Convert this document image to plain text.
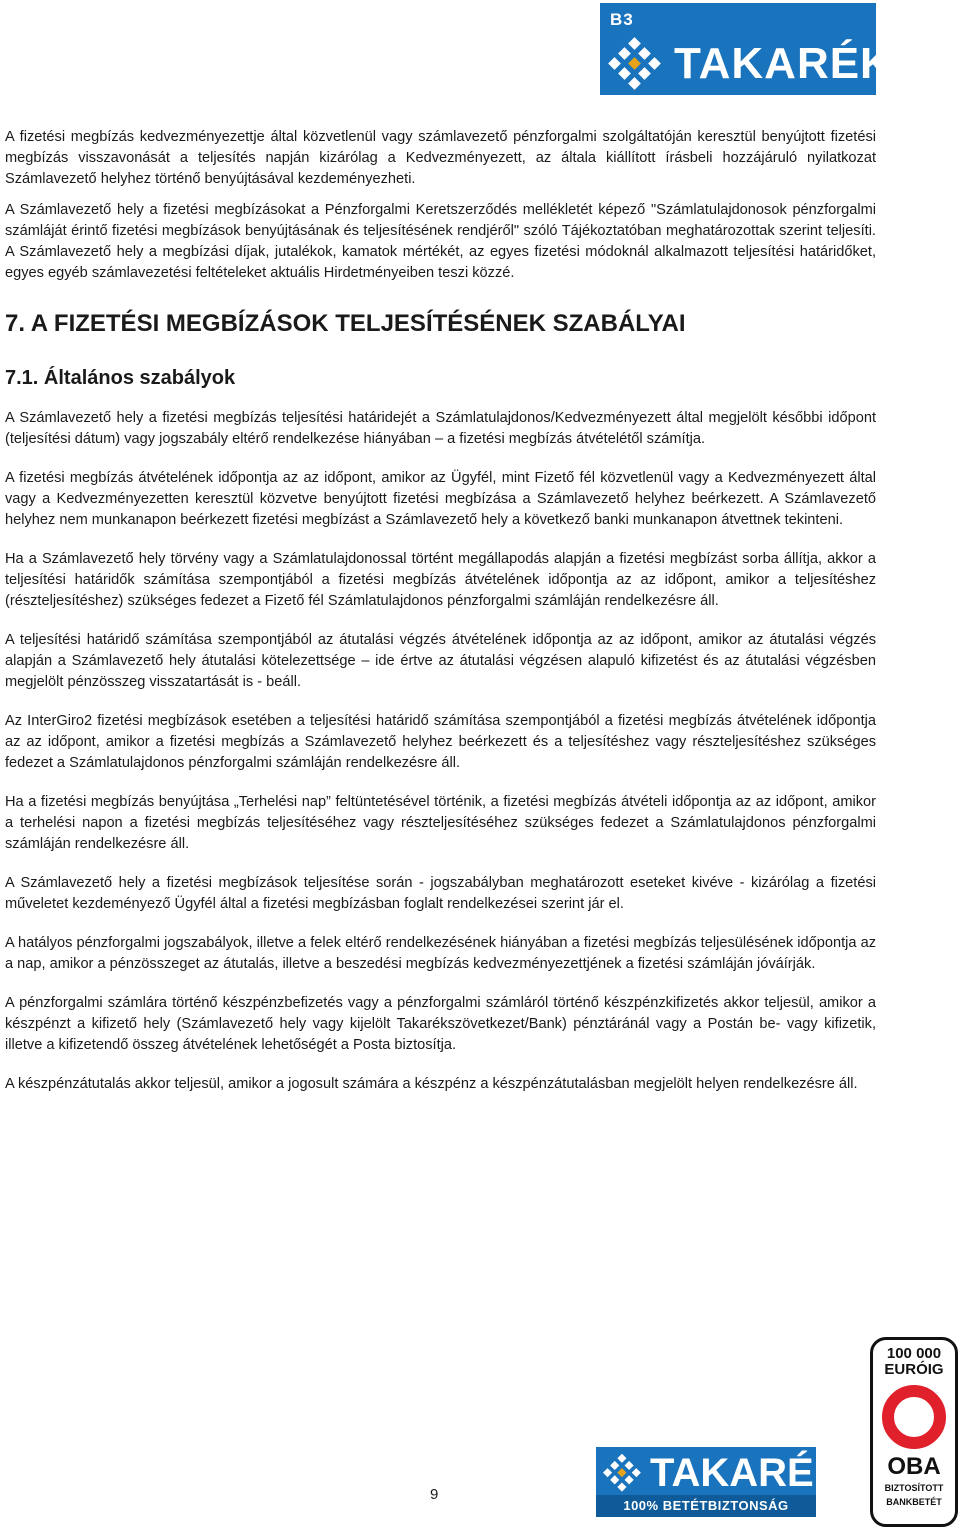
B3
TAKARÉK

A fizetési megbízás kedvezményezettje által közvetlenül vagy számlavezető pénzforgalmi szolgáltatóján keresztül benyújtott fizetési megbízás visszavonását a teljesítés napján kizárólag a Kedvezményezett, az általa kiállított írásbeli hozzájáruló nyilatkozat Számlavezető helyhez történő benyújtásával kezdeményezheti.

A Számlavezető hely a fizetési megbízásokat a Pénzforgalmi Keretszerződés mellékletét képező "Számlatulajdonosok pénzforgalmi számláját érintő fizetési megbízások benyújtásának és teljesítésének rendjéről" szóló Tájékoztatóban meghatározottak szerint teljesíti. A Számlavezető hely a megbízási díjak, jutalékok, kamatok mértékét, az egyes fizetési módoknál alkalmazott teljesítési határidőket, egyes egyéb számlavezetési feltételeket aktuális Hirdetményeiben teszi közzé.

7. A FIZETÉSI MEGBÍZÁSOK TELJESÍTÉSÉNEK SZABÁLYAI
7.1. Általános szabályok

A Számlavezető hely a fizetési megbízás teljesítési határidejét a Számlatulajdonos/Kedvezményezett által megjelölt későbbi időpont (teljesítési dátum) vagy jogszabály eltérő rendelkezése hiányában – a fizetési megbízás átvételétől számítja.

A fizetési megbízás átvételének időpontja az az időpont, amikor az Ügyfél, mint Fizető fél közvetlenül vagy a Kedvezményezett által vagy a Kedvezményezetten keresztül közvetve benyújtott fizetési megbízása a Számlavezető helyhez beérkezett. A Számlavezető helyhez nem munkanapon beérkezett fizetési megbízást a Számlavezető hely a következő banki munkanapon átvettnek tekinteni.

Ha a Számlavezető hely törvény vagy a Számlatulajdonossal történt megállapodás alapján a fizetési megbízást sorba állítja, akkor a teljesítési határidők számítása szempontjából a fizetési megbízás átvételének időpontja az az időpont, amikor a teljesítéshez (részteljesítéshez) szükséges fedezet a Fizető fél Számlatulajdonos pénzforgalmi számláján rendelkezésre áll.

A teljesítési határidő számítása szempontjából az átutalási végzés átvételének időpontja az az időpont, amikor az átutalási végzés alapján a Számlavezető hely átutalási kötelezettsége – ide értve az átutalási végzésen alapuló kifizetést és az átutalási végzésben megjelölt pénzösszeg visszatartását is - beáll.

Az InterGiro2 fizetési megbízások esetében a teljesítési határidő számítása szempontjából a fizetési megbízás átvételének időpontja az az időpont, amikor a fizetési megbízás a Számlavezető helyhez beérkezett és a teljesítéshez vagy részteljesítéshez szükséges fedezet a Számlatulajdonos pénzforgalmi számláján rendelkezésre áll.

Ha a fizetési megbízás benyújtása „Terhelési nap” feltüntetésével történik, a fizetési megbízás átvételi időpontja az az időpont, amikor a terhelési napon a fizetési megbízás teljesítéséhez vagy részteljesítéséhez szükséges fedezet a Számlatulajdonos pénzforgalmi számláján rendelkezésre áll.

A Számlavezető hely a fizetési megbízások teljesítése során - jogszabályban meghatározott eseteket kivéve - kizárólag a fizetési műveletet kezdeményező Ügyfél által a fizetési megbízásban foglalt rendelkezései szerint jár el.

A hatályos pénzforgalmi jogszabályok, illetve a felek eltérő rendelkezésének hiányában a fizetési megbízás teljesülésének időpontja az a nap, amikor a pénzösszeget az átutalás, illetve a beszedési megbízás kedvezményezettjének a fizetési számláján jóváírják.

A pénzforgalmi számlára történő készpénzbefizetés vagy a pénzforgalmi számláról történő készpénzkifizetés akkor teljesül, amikor a készpénzt a kifizető hely (Számlavezető hely vagy kijelölt Takarékszövetkezet/Bank) pénztáránál vagy a Postán be- vagy kifizetik, illetve a kifizetendő összeg átvételének lehetőségét a Posta biztosítja.

A készpénzátutalás akkor teljesül, amikor a jogosult számára a készpénz a készpénzátutalásban megjelölt helyen rendelkezésre áll.

9	TAKARÉK
100% BETÉTBIZTONSÁG
100 000
EURÓIG
OBA
BIZTOSÍTOTT
BANKBETÉT
